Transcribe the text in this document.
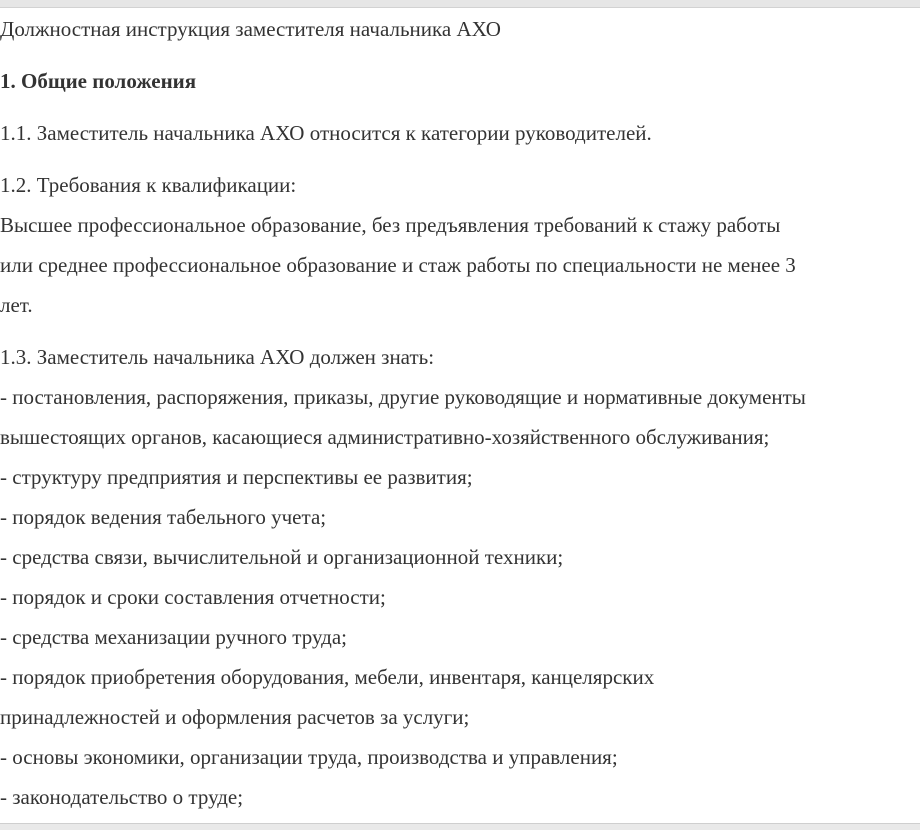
Должностная инструкция заместителя начальника АХО

1. Общие положения

1.1. Заместитель начальника АХО относится к категории руководителей.

1.2. Требования к квалификации:

Высшее профессиональное образование, без предъявления требований к стажу работы

или среднее профессиональное образование и стаж работы по специальности не менее 3

лет.

1.3. Заместитель начальника АХО должен знать:

- постановления, распоряжения, приказы, другие руководящие и нормативные документы

вышестоящих органов, касающиеся административно-хозяйственного обслуживания;

- структуру предприятия и перспективы ее развития;

- порядок ведения табельного учета;

- средства связи, вычислительной и организационной техники;

- порядок и сроки составления отчетности;

- средства механизации ручного труда;

- порядок приобретения оборудования, мебели, инвентаря, канцелярских

принадлежностей и оформления расчетов за услуги;

- основы экономики, организации труда, производства и управления;

- законодательство о труде;
